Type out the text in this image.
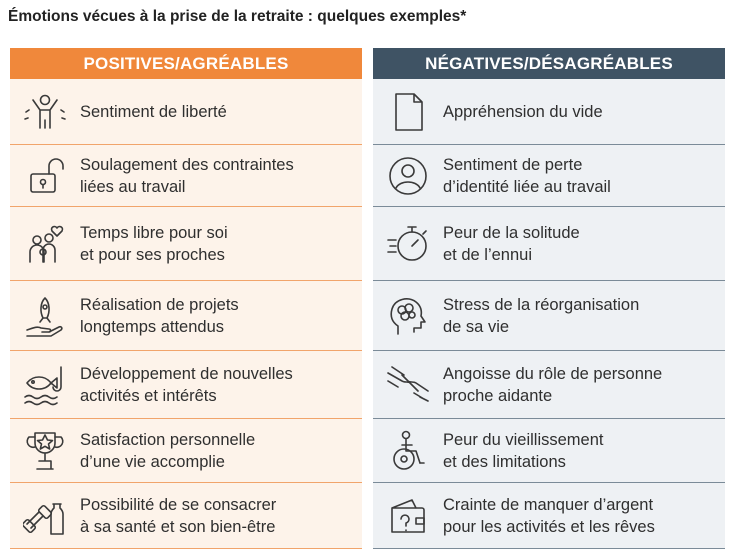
Émotions vécues à la prise de la retraite : quelques exemples*
POSITIVES/AGRÉABLES
Sentiment de liberté
Soulagement des contraintes
liées au travail
Temps libre pour soi
et pour ses proches
Réalisation de projets
longtemps attendus
Développement de nouvelles
activités et intérêts
Satisfaction personnelle
d’une vie accomplie
Possibilité de se consacrer
à sa santé et son bien-être
NÉGATIVES/DÉSAGRÉABLES
Appréhension du vide
Sentiment de perte
d’identité liée au travail
Peur de la solitude
et de l’ennui
Stress de la réorganisation
de sa vie
Angoisse du rôle de personne
proche aidante
Peur du vieillissement
et des limitations
Crainte de manquer d’argent
pour les activités et les rêves
